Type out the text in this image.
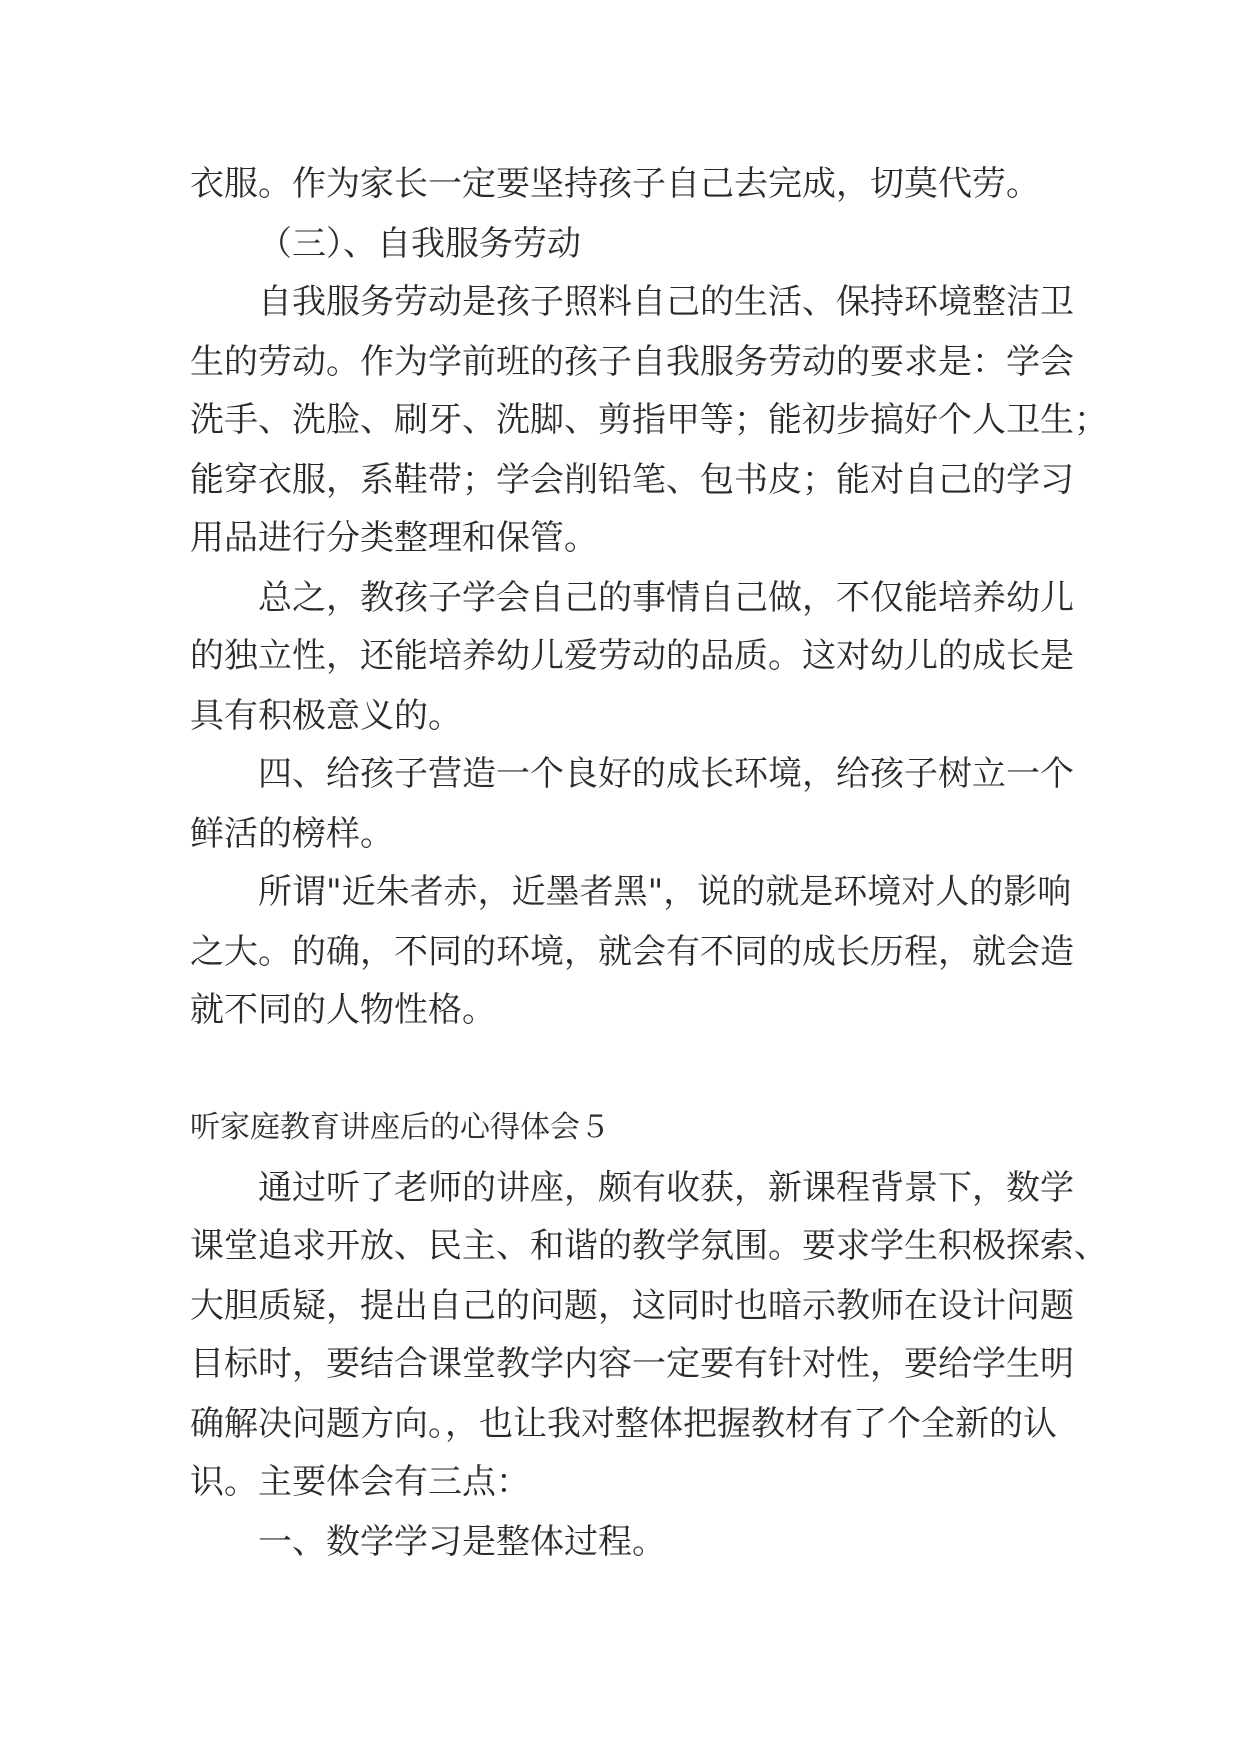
衣服。作为家长一定要坚持孩子自己去完成，切莫代劳。
（三）、自我服务劳动
自我服务劳动是孩子照料自己的生活、保持环境整洁卫
生的劳动。作为学前班的孩子自我服务劳动的要求是：学会
洗手、洗脸、刷牙、洗脚、剪指甲等；能初步搞好个人卫生；
能穿衣服，系鞋带；学会削铅笔、包书皮；能对自己的学习
用品进行分类整理和保管。
总之，教孩子学会自己的事情自己做，不仅能培养幼儿
的独立性，还能培养幼儿爱劳动的品质。这对幼儿的成长是
具有积极意义的。
四、给孩子营造一个良好的成长环境，给孩子树立一个
鲜活的榜样。
所谓"近朱者赤，近墨者黑"，说的就是环境对人的影响
之大。的确，不同的环境，就会有不同的成长历程，就会造
就不同的人物性格。
听家庭教育讲座后的心得体会５
通过听了老师的讲座，颇有收获，新课程背景下，数学
课堂追求开放、民主、和谐的教学氛围。要求学生积极探索、
大胆质疑，提出自己的问题，这同时也暗示教师在设计问题
目标时，要结合课堂教学内容一定要有针对性，要给学生明
确解决问题方向。，也让我对整体把握教材有了个全新的认
识。主要体会有三点：
一、数学学习是整体过程。
